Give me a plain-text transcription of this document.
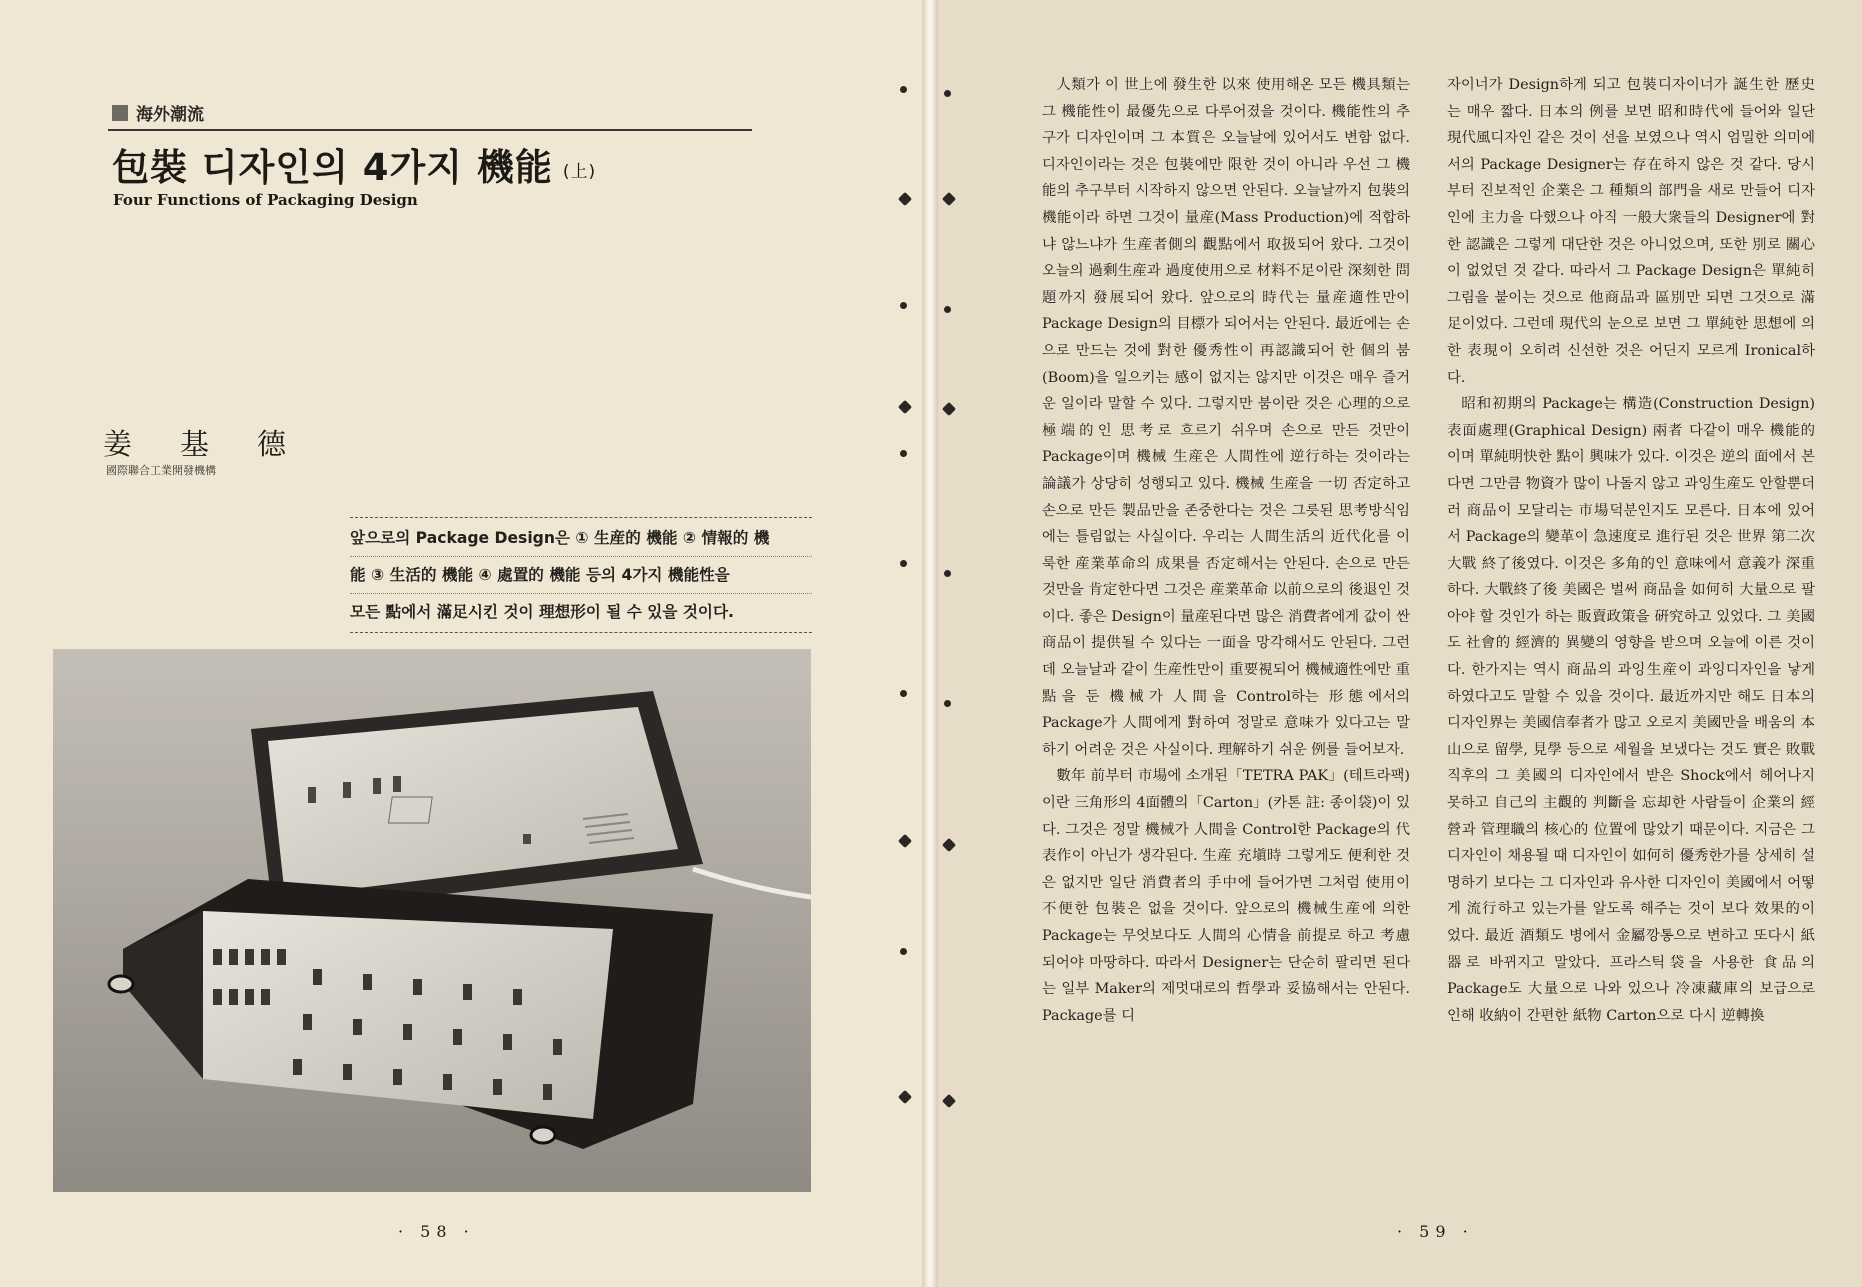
海外潮流
包裝 디자인의 4가지 機能 (上)
Four Functions of Packaging Design
姜基德
國際聯合工業開發機構
앞으로의 Package Design은 ① 生産的 機能 ② 情報的 機
能 ③ 生活的 機能 ④ 處置的 機能 등의 4가지 機能性을
모든 點에서 滿足시킨 것이 理想形이 될 수 있을 것이다.
· 58 ·

人類가 이 世上에 發生한 以來 使用해온 모든 機具類는 그 機能性이 最優先으로 다루어졌을 것이다. 機能性의 추구가 디자인이며 그 本質은 오늘날에 있어서도 변함 없다. 디자인이라는 것은 包裝에만 限한 것이 아니라 우선 그 機能의 추구부터 시작하지 않으면 안된다. 오늘날까지 包裝의 機能이라 하면 그것이 量産(Mass Production)에 적합하냐 않느냐가 生産者側의 觀點에서 取扱되어 왔다. 그것이 오늘의 過剩生産과 過度使用으로 材料不足이란 深刻한 問題까지 發展되어 왔다. 앞으로의 時代는 量産適性만이 Package Design의 目標가 되어서는 안된다. 最近에는 손으로 만드는 것에 對한 優秀性이 再認識되어 한 個의 붐(Boom)을 일으키는 感이 없지는 않지만 이것은 매우 즐거운 일이라 말할 수 있다. 그렇지만 붐이란 것은 心理的으로 極端的인 思考로 흐르기 쉬우며 손으로 만든 것만이 Package이며 機械 生産은 人間性에 逆行하는 것이라는 論議가 상당히 성행되고 있다. 機械 生産을 一切 否定하고 손으로 만든 製品만을 존중한다는 것은 그릇된 思考방식임에는 틀림없는 사실이다. 우리는 人間生活의 近代化를 이룩한 産業革命의 成果를 否定해서는 안된다. 손으로 만든 것만을 肯定한다면 그것은 産業革命 以前으로의 後退인 것이다. 좋은 Design이 量産된다면 많은 消費者에게 값이 싼 商品이 提供될 수 있다는 一面을 망각해서도 안된다. 그런데 오늘날과 같이 生産性만이 重要視되어 機械適性에만 重點을 둔 機械가 人間을 Control하는 形態에서의 Package가 人間에게 對하여 정말로 意味가 있다고는 말하기 어려운 것은 사실이다. 理解하기 쉬운 例를 들어보자.

數年 前부터 市場에 소개된「TETRA PAK」(테트라팩)이란 三角形의 4面體의「Carton」(카톤 註: 종이袋)이 있다. 그것은 정말 機械가 人間을 Control한 Package의 代表作이 아닌가 생각된다. 生産 充塡時 그렇게도 便利한 것은 없지만 일단 消費者의 手中에 들어가면 그처럼 使用이 不便한 包裝은 없을 것이다. 앞으로의 機械生産에 의한 Package는 무엇보다도 人間의 心情을 前提로 하고 考慮되어야 마땅하다. 따라서 Designer는 단순히 팔리면 된다는 일부 Maker의 제멋대로의 哲學과 妥協해서는 안된다. Package를 디

자이너가 Design하게 되고 包裝디자이너가 誕生한 歷史는 매우 짧다. 日本의 例를 보면 昭和時代에 들어와 일단 現代風디자인 같은 것이 선을 보였으나 역시 엄밀한 의미에서의 Package Designer는 存在하지 않은 것 같다. 당시부터 진보적인 企業은 그 種類의 部門을 새로 만들어 디자인에 主力을 다했으나 아직 一般大衆들의 Designer에 對한 認識은 그렇게 대단한 것은 아니었으며, 또한 別로 關心이 없었던 것 같다. 따라서 그 Package Design은 單純히 그림을 붙이는 것으로 他商品과 區別만 되면 그것으로 滿足이었다. 그런데 現代의 눈으로 보면 그 單純한 思想에 의한 表現이 오히려 신선한 것은 어딘지 모르게 Ironical하다.

昭和初期의 Package는 構造(Construction Design) 表面處理(Graphical Design) 兩者 다같이 매우 機能的이며 單純明快한 點이 興味가 있다. 이것은 逆의 面에서 본다면 그만큼 物資가 많이 나돌지 않고 과잉生産도 안할뿐더러 商品이 모달리는 市場덕분인지도 모른다. 日本에 있어서 Package의 變革이 急速度로 進行된 것은 世界 第二次大戰 終了後였다. 이것은 多角的인 意味에서 意義가 深重하다. 大戰終了後 美國은 벌써 商品을 如何히 大量으로 팔아야 할 것인가 하는 販賣政策을 硏究하고 있었다. 그 美國도 社會的 經濟的 異變의 영향을 받으며 오늘에 이른 것이다. 한가지는 역시 商品의 과잉生産이 과잉디자인을 낳게 하였다고도 말할 수 있을 것이다. 最近까지만 해도 日本의 디자인界는 美國信奉者가 많고 오로지 美國만을 배움의 本山으로 留學, 見學 등으로 세월을 보냈다는 것도 實은 敗戰직후의 그 美國의 디자인에서 받은 Shock에서 헤어나지 못하고 自己의 主觀的 判斷을 忘却한 사람들이 企業의 經營과 管理職의 核心的 位置에 많았기 때문이다. 지금은 그 디자인이 채용될 때 디자인이 如何히 優秀한가를 상세히 설명하기 보다는 그 디자인과 유사한 디자인이 美國에서 어떻게 流行하고 있는가를 알도록 해주는 것이 보다 效果的이었다. 最近 酒類도 병에서 金屬깡통으로 변하고 또다시 紙器로 바뀌지고 말았다. 프라스틱袋을 사용한 食品의 Package도 大量으로 나와 있으나 冷凍藏庫의 보급으로 인해 收納이 간편한 紙物 Carton으로 다시 逆轉換

· 59 ·
